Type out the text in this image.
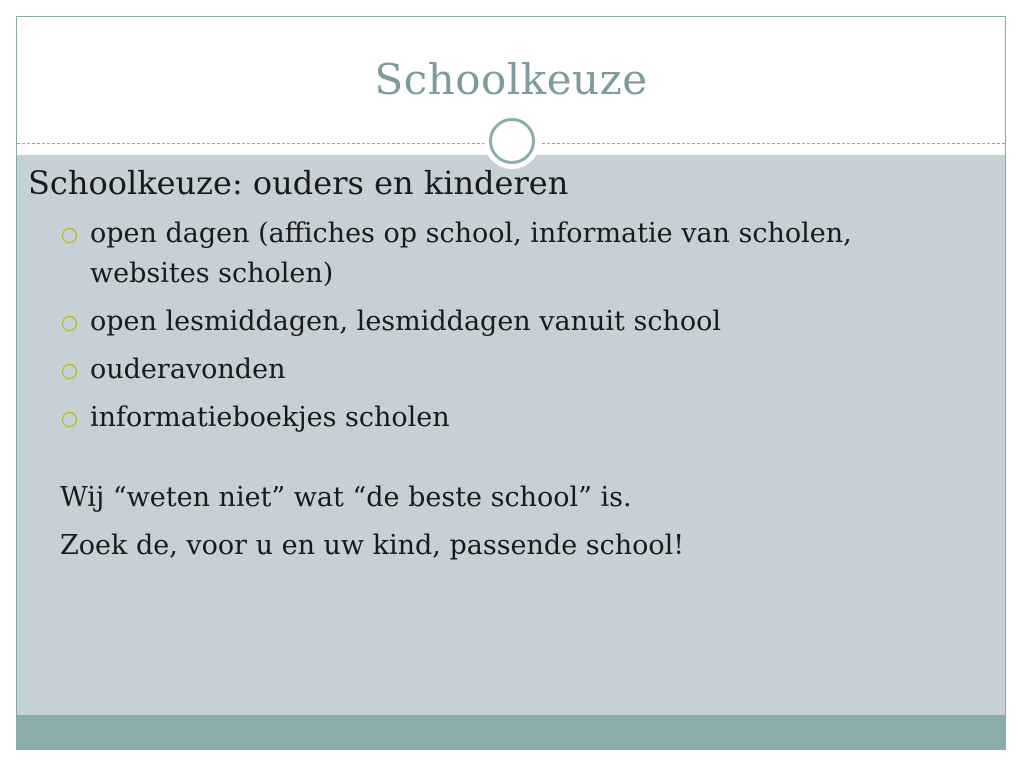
Schoolkeuze
Schoolkeuze: ouders en kinderen
open dagen (affiches op school, informatie van scholen, websites scholen)
open lesmiddagen, lesmiddagen vanuit school
ouderavonden
informatieboekjes scholen

Wij “weten niet” wat “de beste school” is.

Zoek de, voor u en uw kind, passende school!
